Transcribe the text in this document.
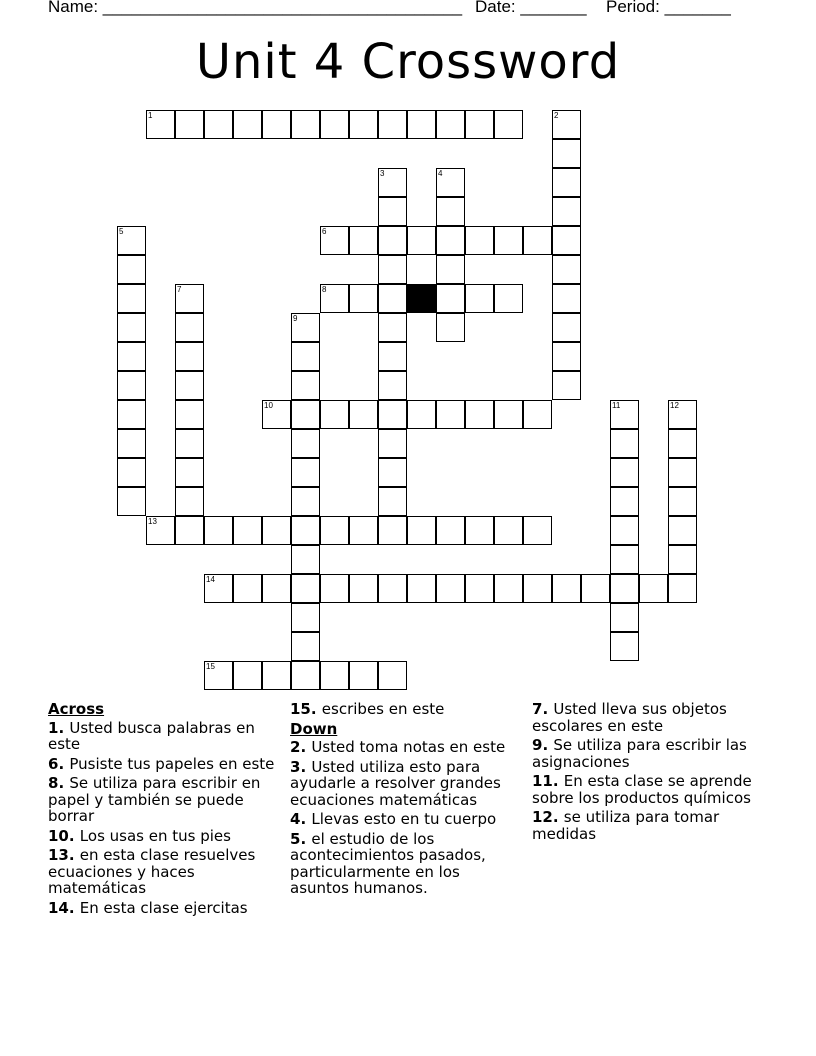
Name: ______________________________________ Date: _______ Period: _______
Unit 4 Crossword
1	2
3	4
5	6
7	8
9
10	11	12
13
14
15
Across
1. Usted busca palabras en este
6. Pusiste tus papeles en este
8. Se utiliza para escribir en papel y también se puede borrar
10. Los usas en tus pies
13. en esta clase resuelves ecuaciones y haces matemáticas
14. En esta clase ejercitas
15. escribes en este
Down
2. Usted toma notas en este
3. Usted utiliza esto para ayudarle a resolver grandes ecuaciones matemáticas
4. Llevas esto en tu cuerpo
5. el estudio de los acontecimientos pasados, particularmente en los asuntos humanos.
7. Usted lleva sus objetos escolares en este
9. Se utiliza para escribir las asignaciones
11. En esta clase se aprende sobre los productos químicos
12. se utiliza para tomar medidas
